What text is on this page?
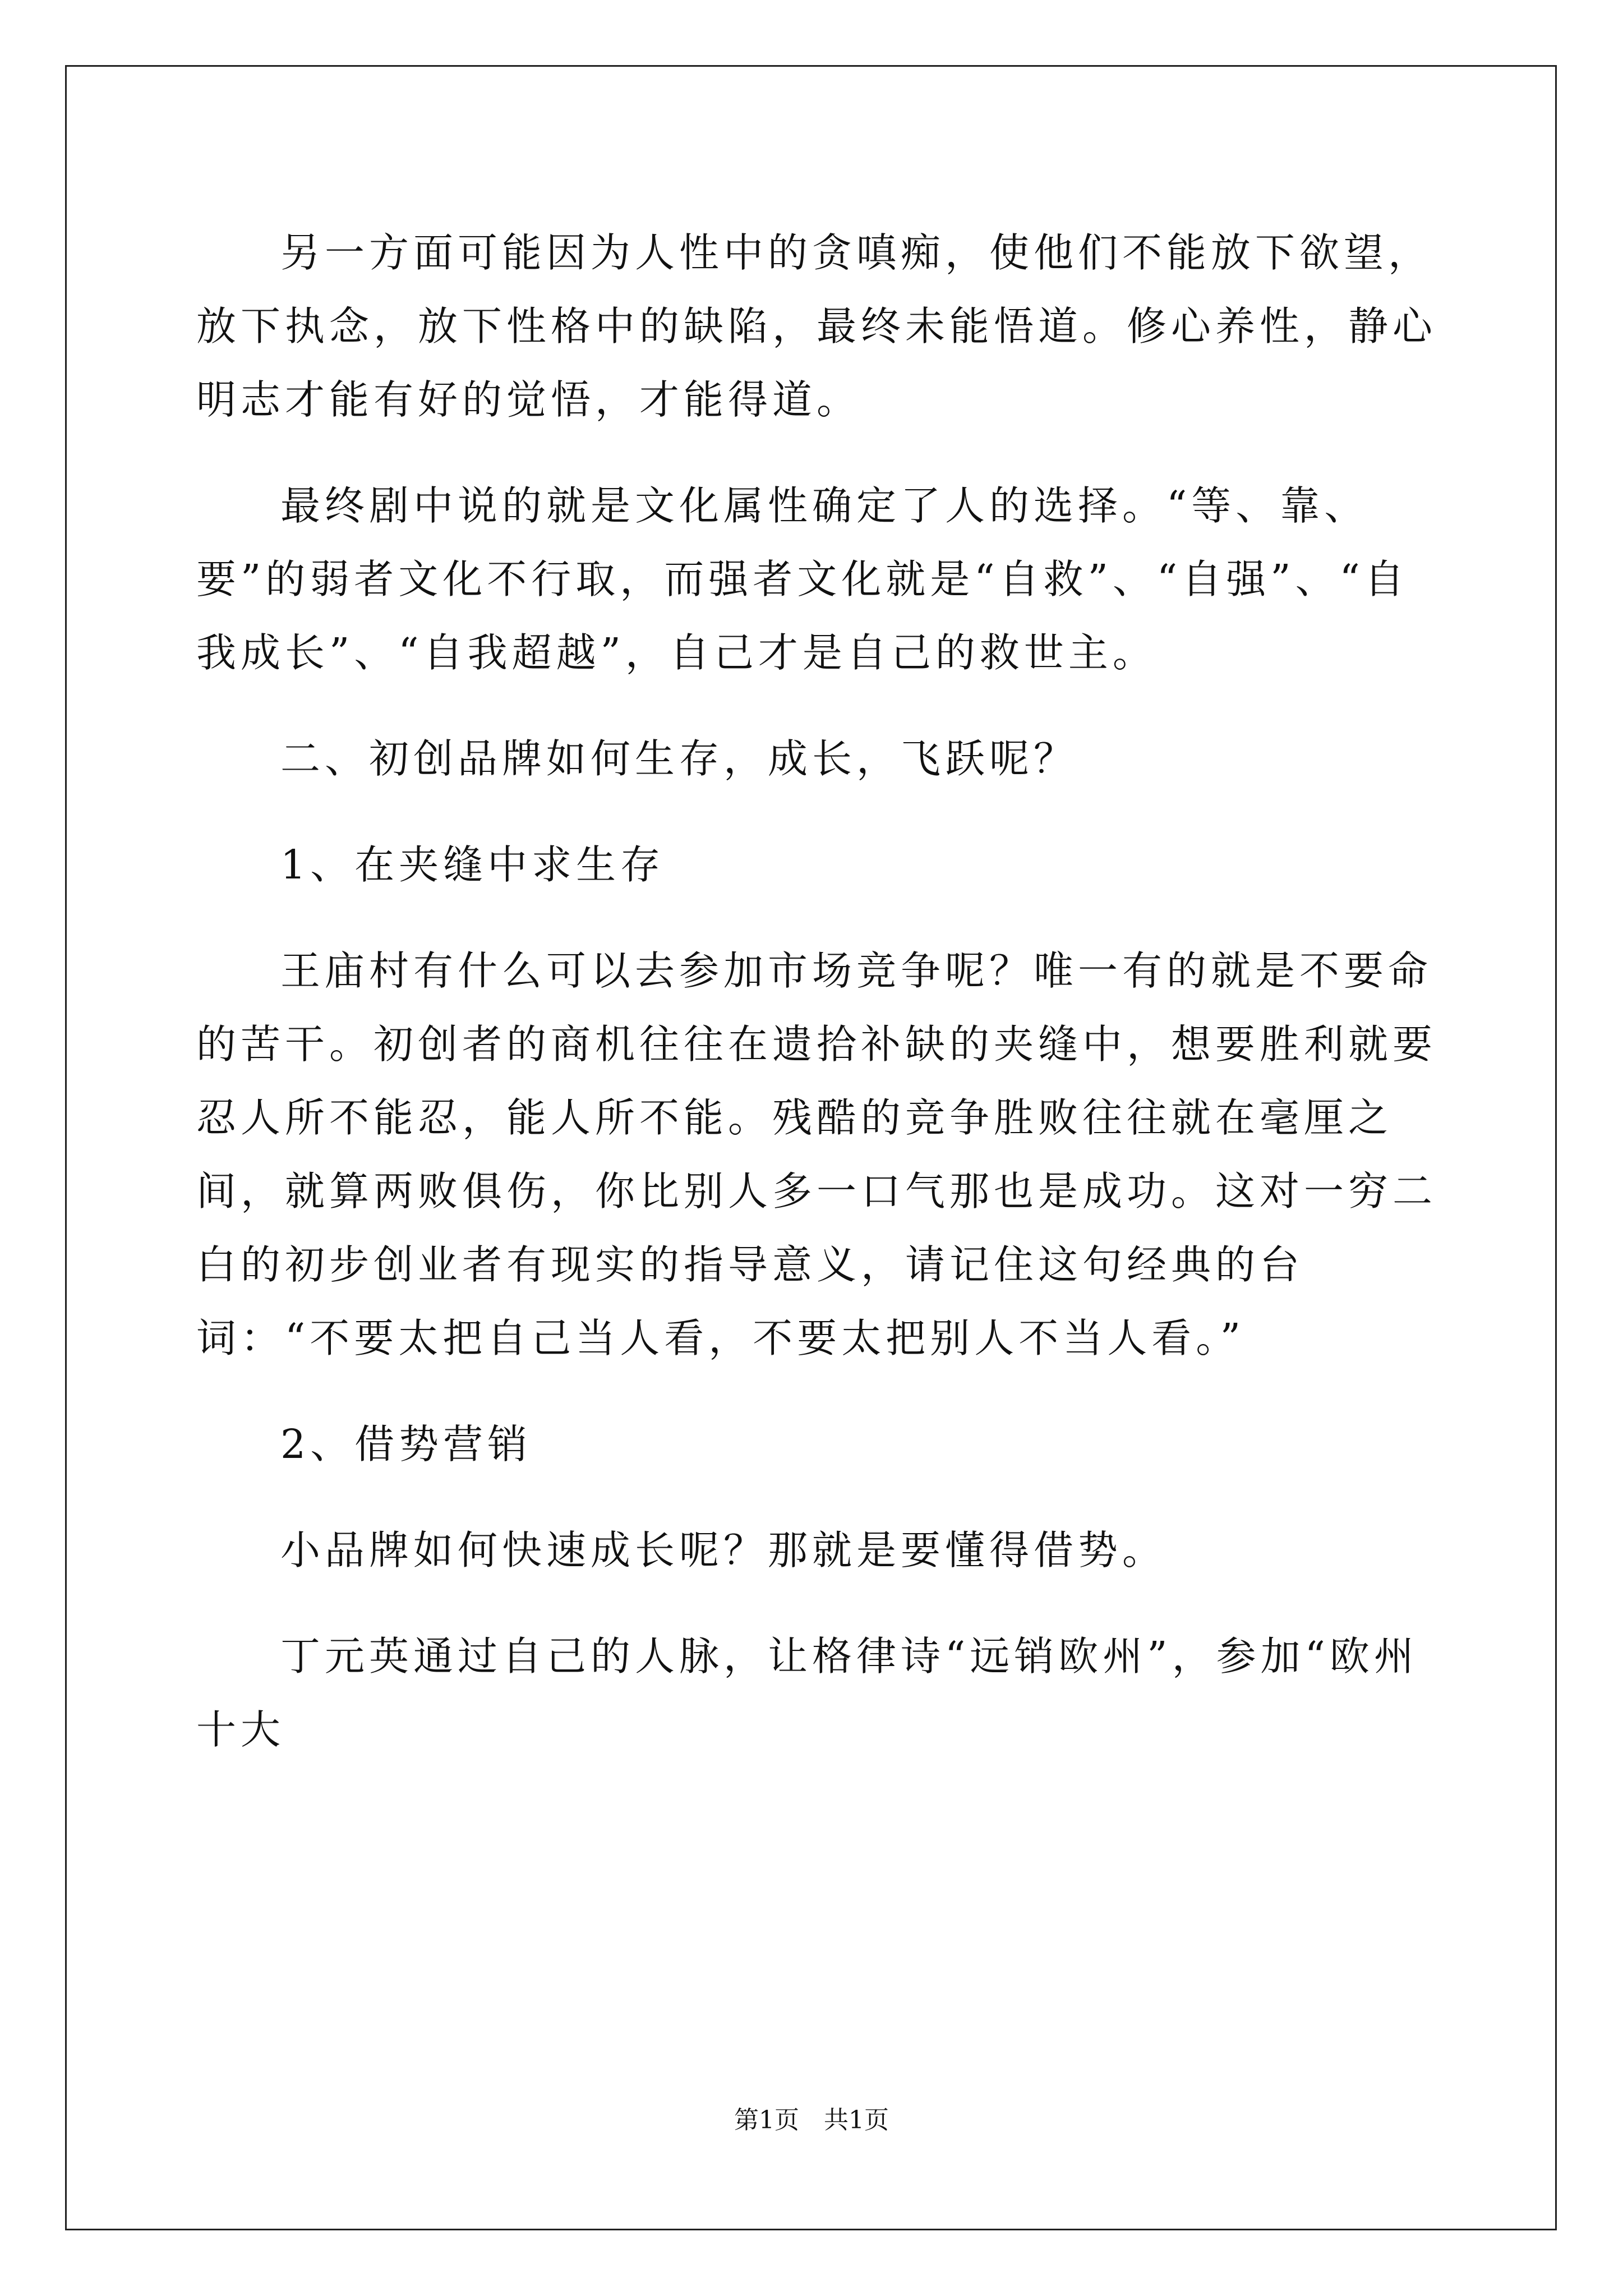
另一方面可能因为人性中的贪嗔痴，使他们不能放下欲望，放下执念，放下性格中的缺陷，最终未能悟道。修心养性，静心明志才能有好的觉悟，才能得道。

最终剧中说的就是文化属性确定了人的选择。“等、靠、要”的弱者文化不行取，而强者文化就是“自救”、“自强”、“自我成长”、“自我超越”，自己才是自己的救世主。

二、初创品牌如何生存，成长，飞跃呢？

1、在夹缝中求生存

王庙村有什么可以去参加市场竞争呢？唯一有的就是不要命的苦干。初创者的商机往往在遗拾补缺的夹缝中，想要胜利就要忍人所不能忍，能人所不能。残酷的竞争胜败往往就在毫厘之间，就算两败俱伤，你比别人多一口气那也是成功。这对一穷二白的初步创业者有现实的指导意义，请记住这句经典的台词：“不要太把自己当人看，不要太把别人不当人看。”

2、借势营销

小品牌如何快速成长呢？那就是要懂得借势。

丁元英通过自己的人脉，让格律诗“远销欧州”，参加“欧州十大

第1页　共1页
